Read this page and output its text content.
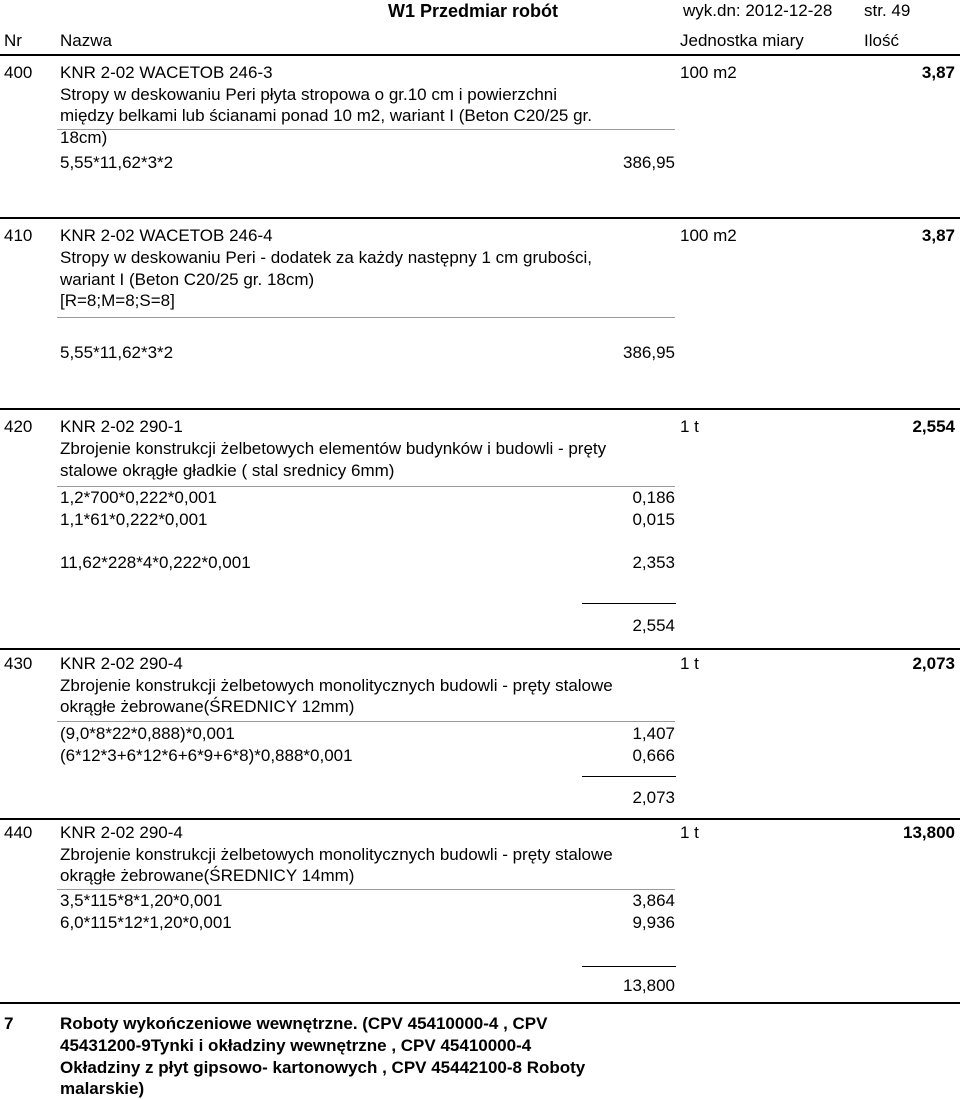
W1 Przedmiar robót	wyk.dn: 2012-12-28 str. 49
Nr Nazwa	Jednostka miary	Ilość
400 KNR 2-02 WACETOB 246-3
Stropy w deskowaniu Peri płyta stropowa o gr.10 cm i powierzchni
między belkami lub ścianami ponad 10 m2, wariant I (Beton C20/25 gr.
18cm)
100 m2	3,87
5,55*11,62*3*2	386,95
410 KNR 2-02 WACETOB 246-4
Stropy w deskowaniu Peri - dodatek za każdy następny 1 cm grubości,
wariant I (Beton C20/25 gr. 18cm)
[R=8;M=8;S=8]
100 m2	3,87
5,55*11,62*3*2	386,95
420 KNR 2-02 290-1
Zbrojenie konstrukcji żelbetowych elementów budynków i budowli - pręty
stalowe okrągłe gładkie ( stal srednicy 6mm)
1 t	2,554
1,2*700*0,222*0,001	0,186
1,1*61*0,222*0,001	0,015
11,62*228*4*0,222*0,001	2,353
2,554
430 KNR 2-02 290-4
Zbrojenie konstrukcji żelbetowych monolitycznych budowli - pręty stalowe
okrągłe żebrowane(ŚREDNICY 12mm)
1 t	2,073
(9,0*8*22*0,888)*0,001	1,407
(6*12*3+6*12*6+6*9+6*8)*0,888*0,001	0,666
2,073
440 KNR 2-02 290-4
Zbrojenie konstrukcji żelbetowych monolitycznych budowli - pręty stalowe
okrągłe żebrowane(ŚREDNICY 14mm)
1 t	13,800
3,5*115*8*1,20*0,001	3,864
6,0*115*12*1,20*0,001	9,936
13,800
7	Roboty wykończeniowe wewnętrzne. (CPV 45410000-4 , CPV
45431200-9Tynki i okładziny wewnętrzne , CPV 45410000-4
Okładziny z płyt gipsowo- kartonowych , CPV 45442100-8 Roboty
malarskie)
